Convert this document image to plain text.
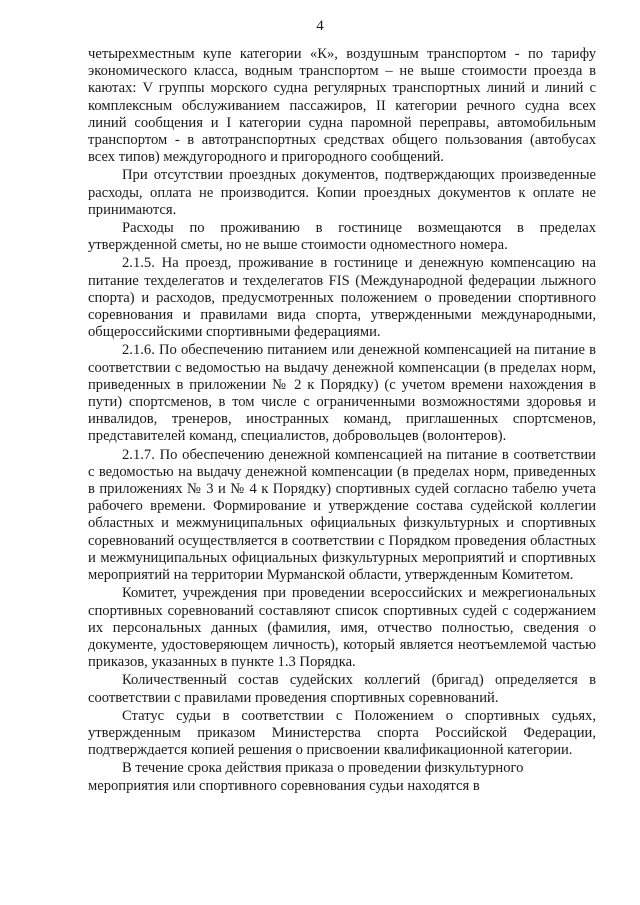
4

четырехместным купе категории «К», воздушным транспортом - по тарифу экономического класса, водным транспортом – не выше стоимости проезда в каютах: V группы морского судна регулярных транспортных линий и линий с комплексным обслуживанием пассажиров, II категории речного судна всех линий сообщения и I категории судна паромной переправы, автомобильным транспортом - в автотранспортных средствах общего пользования (автобусах всех типов) междугородного и пригородного сообщений.

При отсутствии проездных документов, подтверждающих произведенные расходы, оплата не производится. Копии проездных документов к оплате не принимаются.

Расходы по проживанию в гостинице возмещаются в пределах утвержденной сметы, но не выше стоимости одноместного номера.

2.1.5. На проезд, проживание в гостинице и денежную компенсацию на питание техделегатов и техделегатов FIS (Международной федерации лыжного спорта) и расходов, предусмотренных положением о проведении спортивного соревнования и правилами вида спорта, утвержденными международными, общероссийскими спортивными федерациями.

2.1.6. По обеспечению питанием или денежной компенсацией на питание в соответствии с ведомостью на выдачу денежной компенсации (в пределах норм, приведенных в приложении № 2 к Порядку) (с учетом времени нахождения в пути) спортсменов, в том числе с ограниченными возможностями здоровья и инвалидов, тренеров, иностранных команд, приглашенных спортсменов, представителей команд, специалистов, добровольцев (волонтеров).

2.1.7. По обеспечению денежной компенсацией на питание в соответствии с ведомостью на выдачу денежной компенсации (в пределах норм, приведенных в приложениях № 3 и № 4 к Порядку) спортивных судей согласно табелю учета рабочего времени. Формирование и утверждение состава судейской коллегии областных и межмуниципальных официальных физкультурных и спортивных соревнований осуществляется в соответствии с Порядком проведения областных и межмуниципальных официальных физкультурных мероприятий и спортивных мероприятий на территории Мурманской области, утвержденным Комитетом.

Комитет, учреждения при проведении всероссийских и межрегиональных спортивных соревнований составляют список спортивных судей с содержанием их персональных данных (фамилия, имя, отчество полностью, сведения о документе, удостоверяющем личность), который является неотъемлемой частью приказов, указанных в пункте 1.3 Порядка.

Количественный состав судейских коллегий (бригад) определяется в соответствии с правилами проведения спортивных соревнований.

Статус судьи в соответствии с Положением о спортивных судьях, утвержденным приказом Министерства спорта Российской Федерации, подтверждается копией решения о присвоении квалификационной категории.

В течение срока действия приказа о проведении физкультурного мероприятия или спортивного соревнования судьи находятся в
